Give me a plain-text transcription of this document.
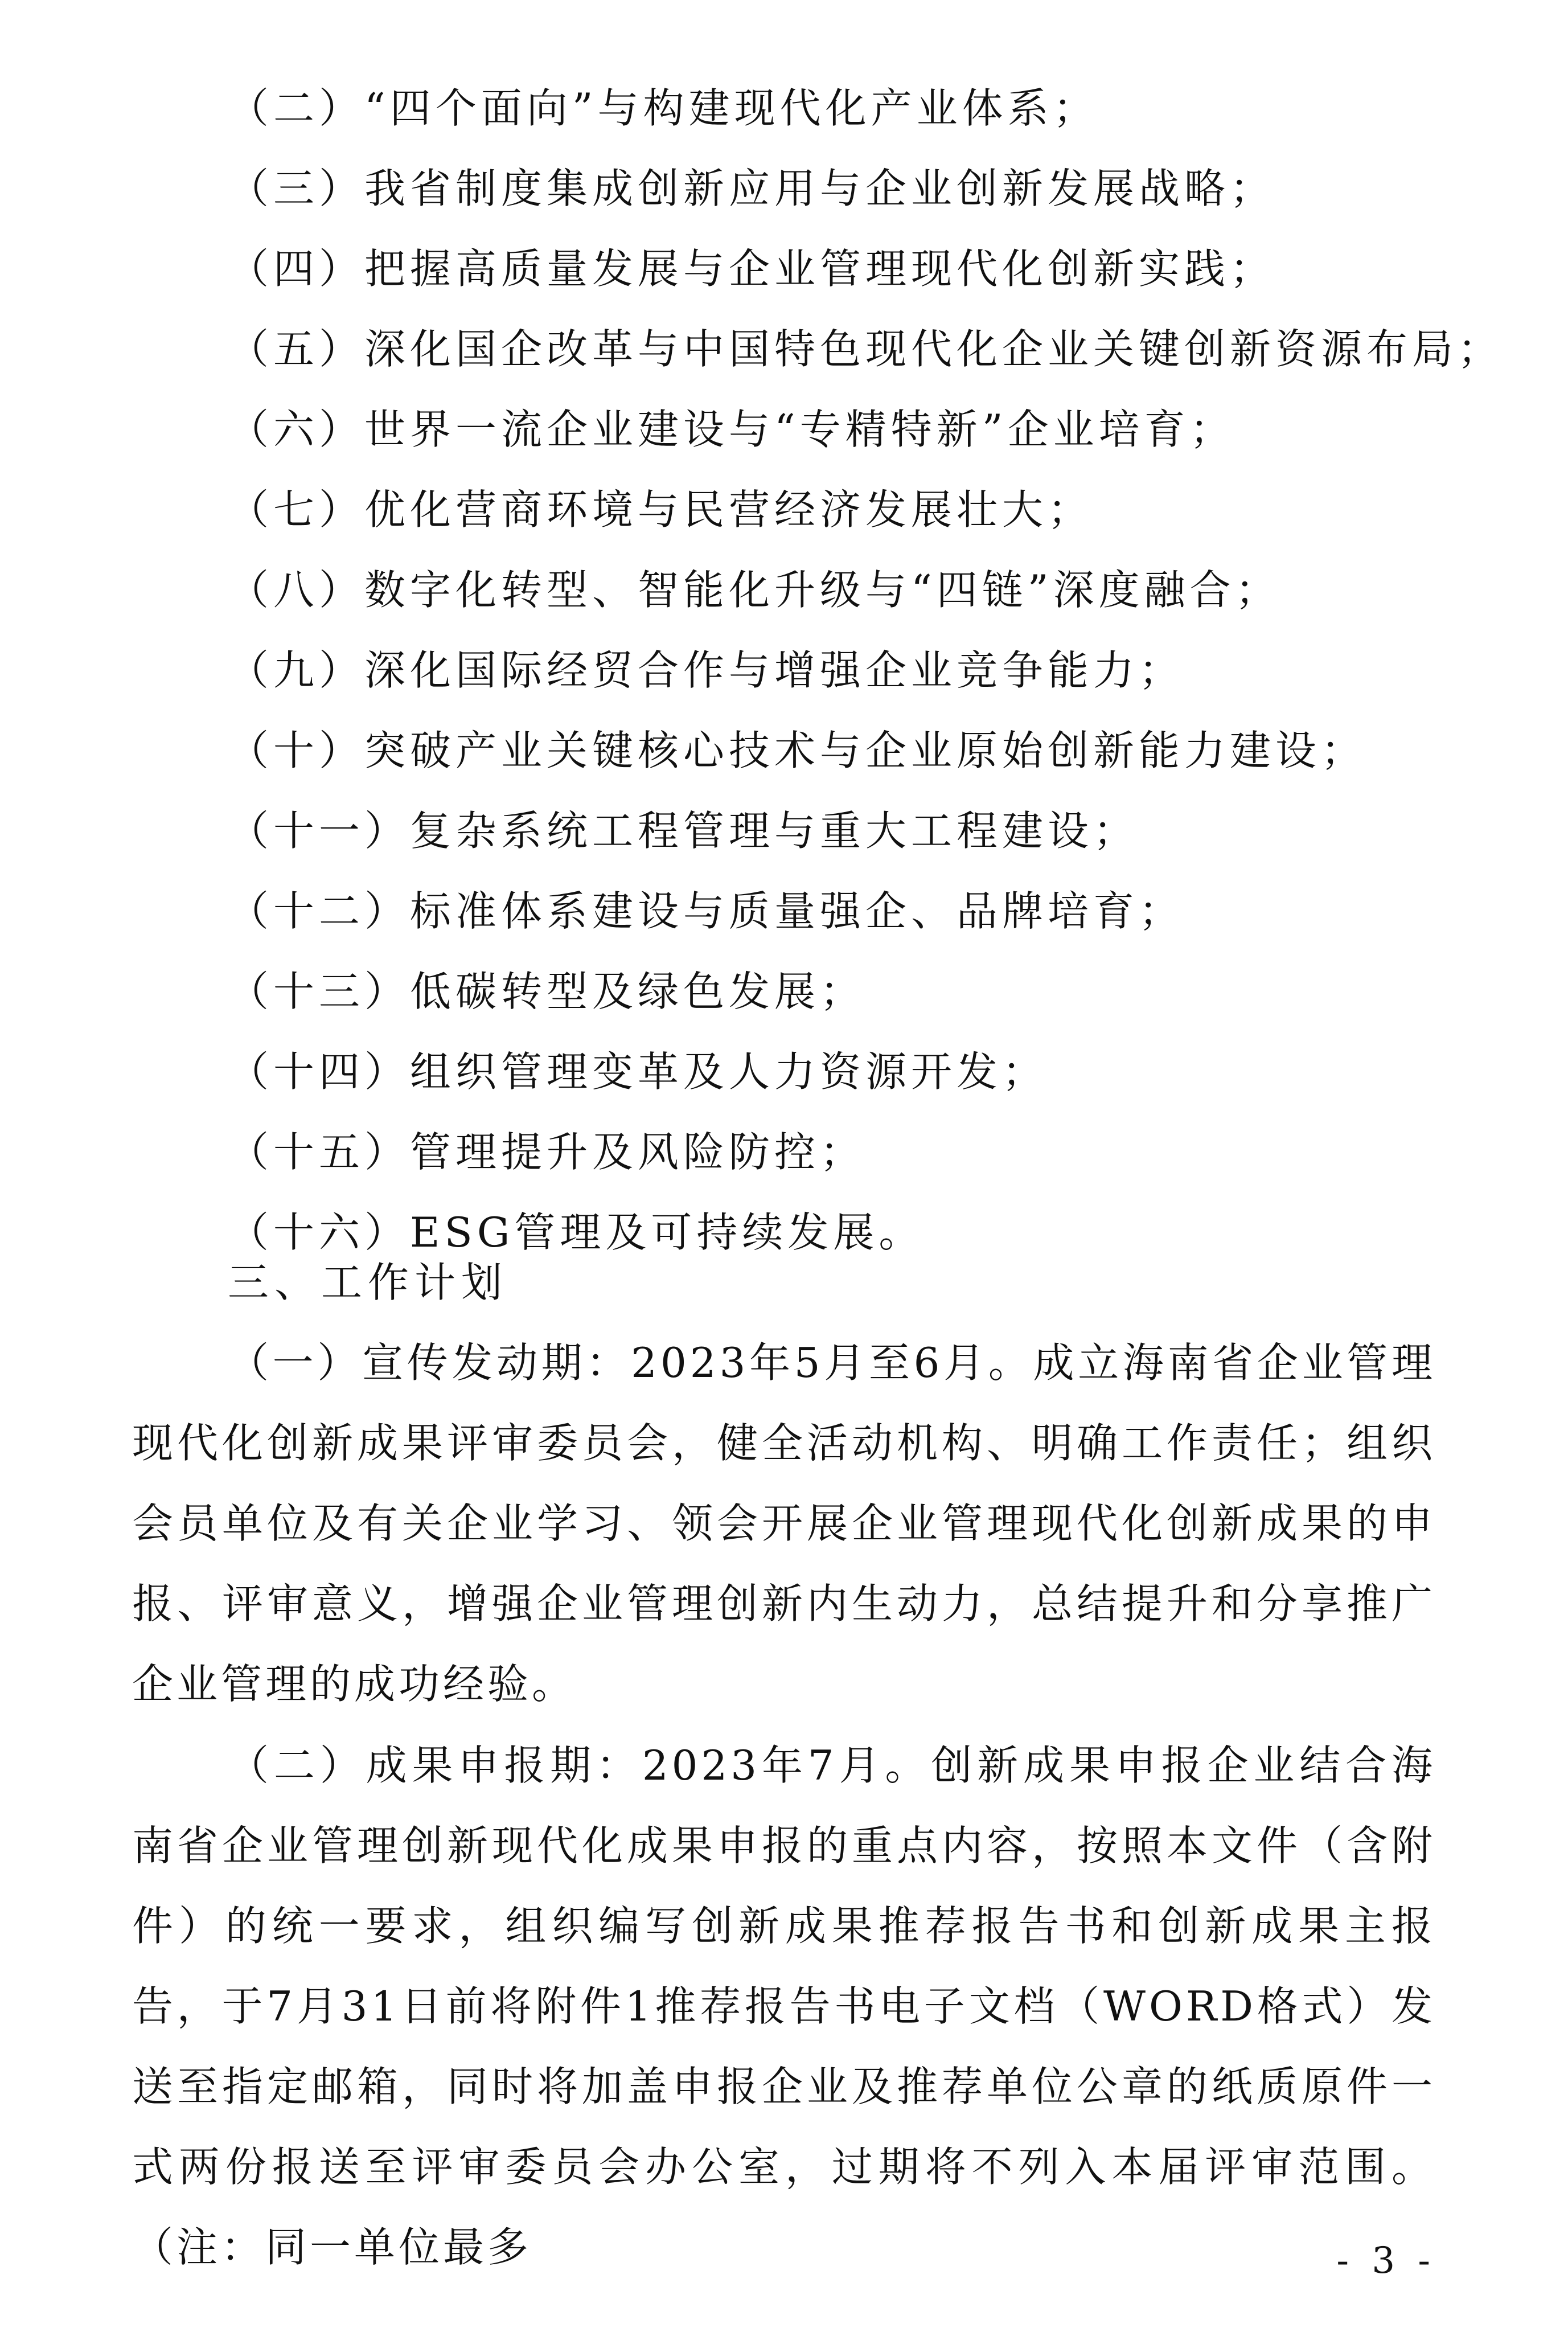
（二）“四个面向”与构建现代化产业体系；
（三）我省制度集成创新应用与企业创新发展战略；
（四）把握高质量发展与企业管理现代化创新实践；
（五）深化国企改革与中国特色现代化企业关键创新资源布局；
（六）世界一流企业建设与“专精特新”企业培育；
（七）优化营商环境与民营经济发展壮大；
（八）数字化转型、智能化升级与“四链”深度融合；
（九）深化国际经贸合作与增强企业竞争能力；
（十）突破产业关键核心技术与企业原始创新能力建设；
（十一）复杂系统工程管理与重大工程建设；
（十二）标准体系建设与质量强企、品牌培育；
（十三）低碳转型及绿色发展；
（十四）组织管理变革及人力资源开发；
（十五）管理提升及风险防控；
（十六）ESG管理及可持续发展。
三、工作计划

（一）宣传发动期：2023年5月至6月。成立海南省企业管理现代化创新成果评审委员会，健全活动机构、明确工作责任；组织会员单位及有关企业学习、领会开展企业管理现代化创新成果的申报、评审意义，增强企业管理创新内生动力，总结提升和分享推广企业管理的成功经验。

（二）成果申报期：2023年7月。创新成果申报企业结合海南省企业管理创新现代化成果申报的重点内容，按照本文件（含附件）的统一要求，组织编写创新成果推荐报告书和创新成果主报告，于7月31日前将附件1推荐报告书电子文档（WORD格式）发送至指定邮箱，同时将加盖申报企业及推荐单位公章的纸质原件一式两份报送至评审委员会办公室，过期将不列入本届评审范围。（注：同一单位最多	- 3 -
